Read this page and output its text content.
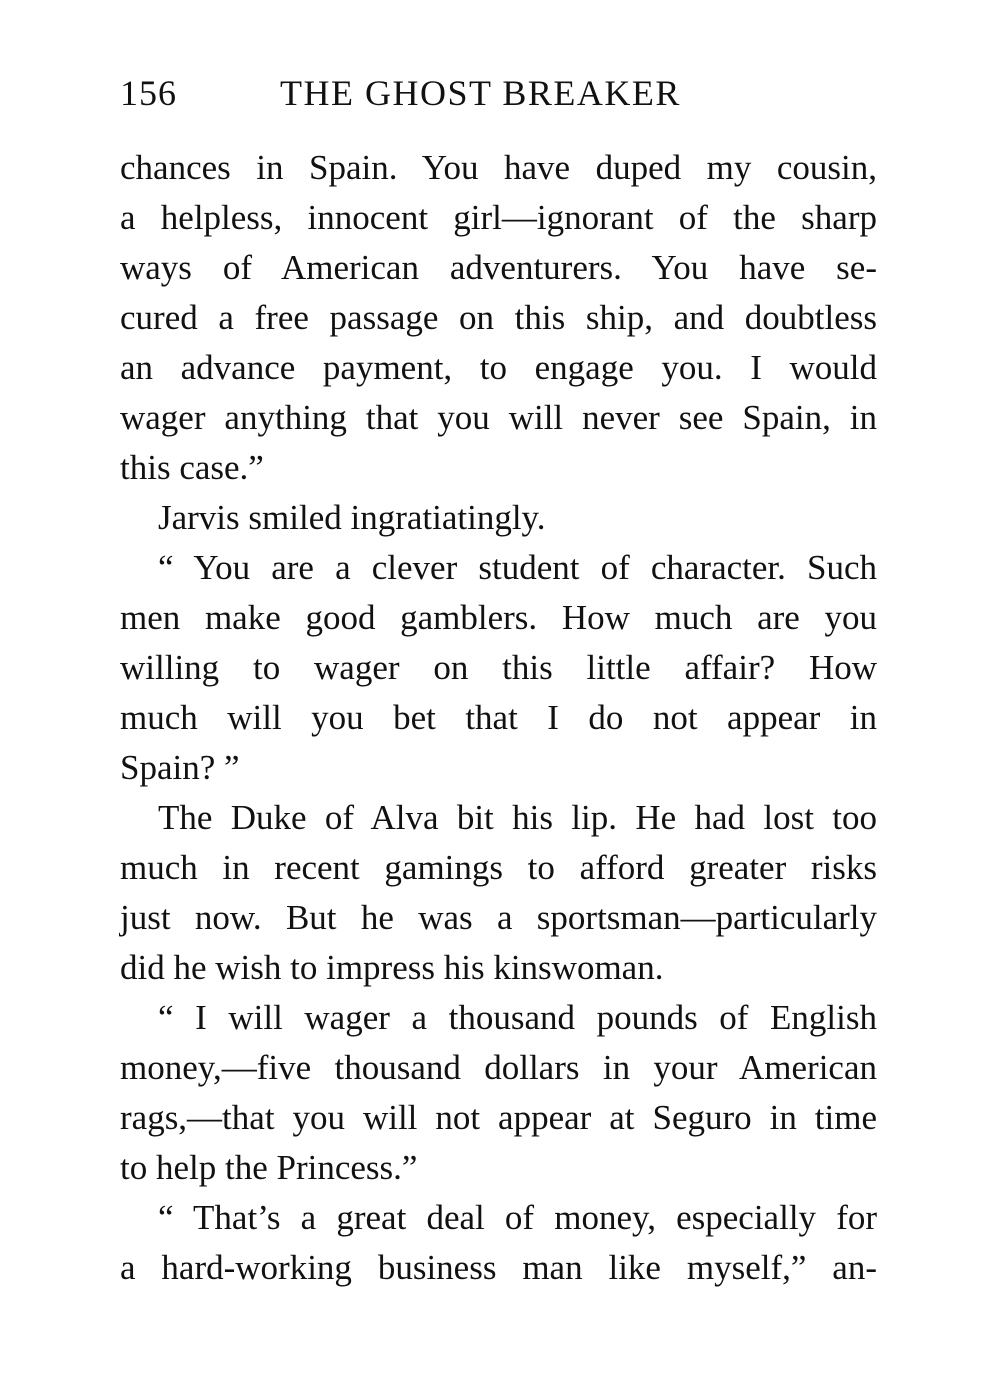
156	THE GHOST BREAKER
chances in Spain. You have duped my cousin,
a helpless, innocent girl—ignorant of the sharp
ways of American adventurers. You have se-
cured a free passage on this ship, and doubtless
an advance payment, to engage you. I would
wager anything that you will never see Spain, in
this case.”
Jarvis smiled ingratiatingly.
“ You are a clever student of character. Such
men make good gamblers. How much are you
willing to wager on this little affair? How
much will you bet that I do not appear in
Spain? ”
The Duke of Alva bit his lip. He had lost too
much in recent gamings to afford greater risks
just now. But he was a sportsman—particularly
did he wish to impress his kinswoman.
“ I will wager a thousand pounds of English
money,—five thousand dollars in your American
rags,—that you will not appear at Seguro in time
to help the Princess.”
“ That’s a great deal of money, especially for
a hard-working business man like myself,” an-
